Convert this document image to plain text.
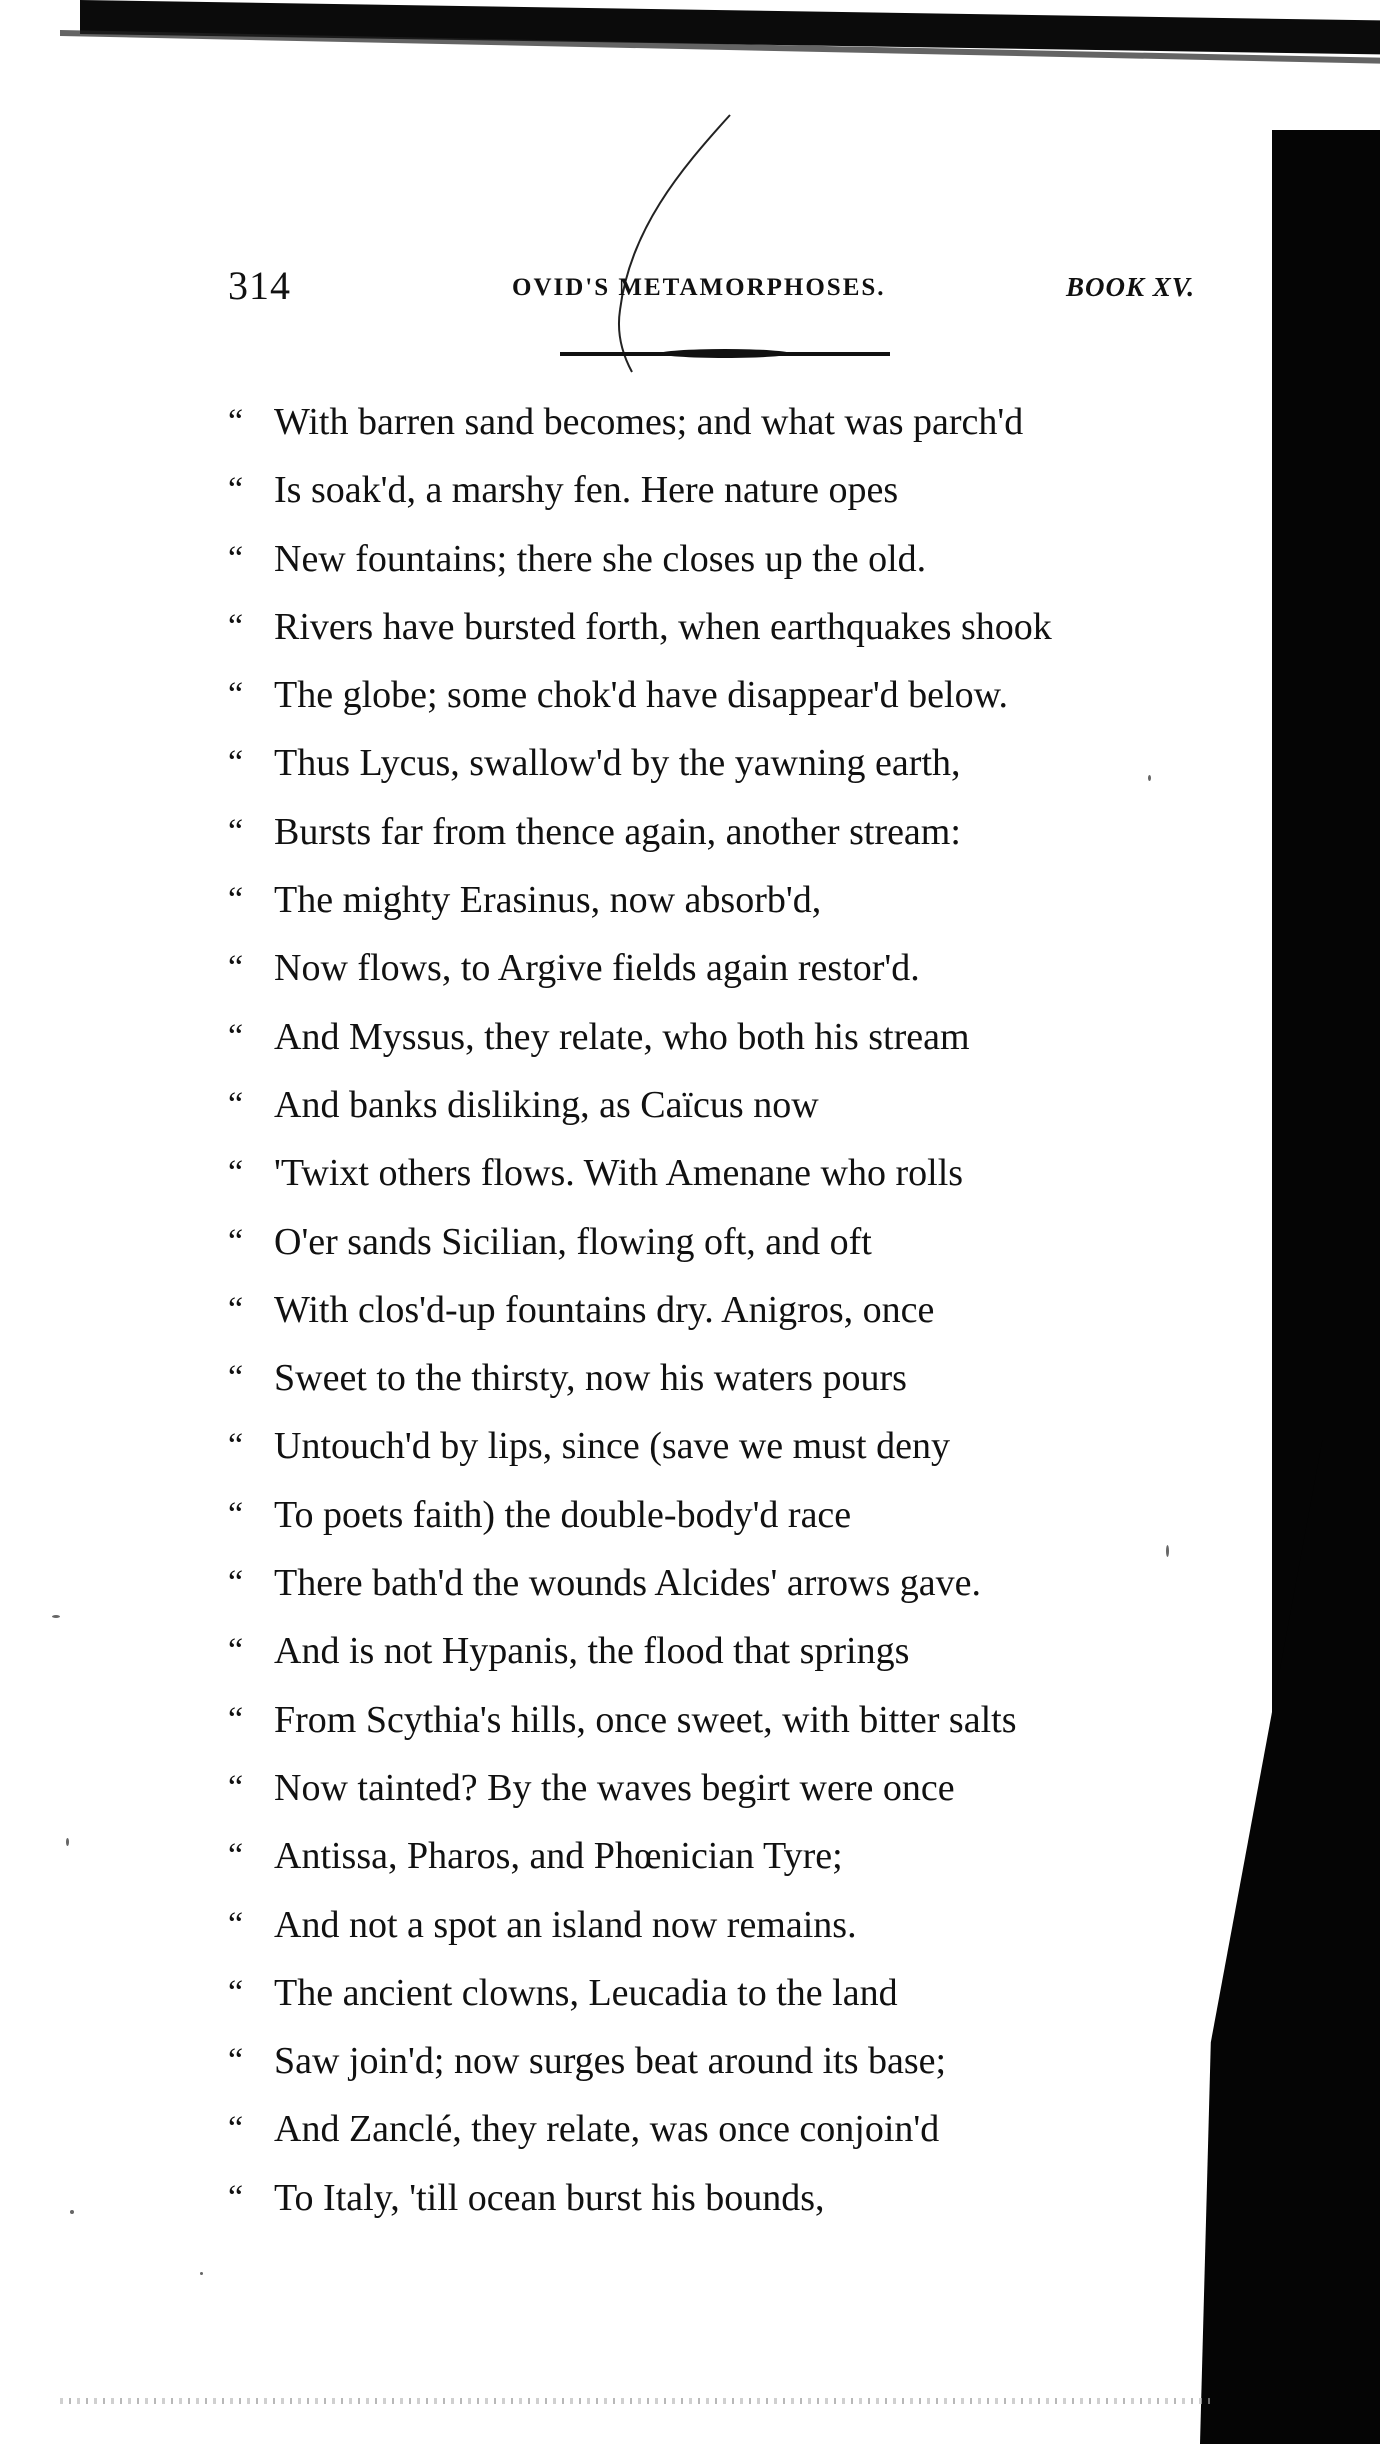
314	OVID'S METAMORPHOSES.	BOOK XV.
“ With barren sand becomes; and what was parch'd
“ Is soak'd, a marshy fen. Here nature opes
“ New fountains; there she closes up the old.
“ Rivers have bursted forth, when earthquakes shook
“ The globe; some chok'd have disappear'd below.
“ Thus Lycus, swallow'd by the yawning earth,
“ Bursts far from thence again, another stream:
“ The mighty Erasinus, now absorb'd,
“ Now flows, to Argive fields again restor'd.
“ And Myssus, they relate, who both his stream
“ And banks disliking, as Caïcus now
“ 'Twixt others flows. With Amenane who rolls
“ O'er sands Sicilian, flowing oft, and oft
“ With clos'd-up fountains dry. Anigros, once
“ Sweet to the thirsty, now his waters pours
“ Untouch'd by lips, since (save we must deny
“ To poets faith) the double-body'd race
“ There bath'd the wounds Alcides' arrows gave.
“ And is not Hypanis, the flood that springs
“ From Scythia's hills, once sweet, with bitter salts
“ Now tainted? By the waves begirt were once
“ Antissa, Pharos, and Phœnician Tyre;
“ And not a spot an island now remains.
“ The ancient clowns, Leucadia to the land
“ Saw join'd; now surges beat around its base;
“ And Zanclé, they relate, was once conjoin'd
“ To Italy, 'till ocean burst his bounds,
